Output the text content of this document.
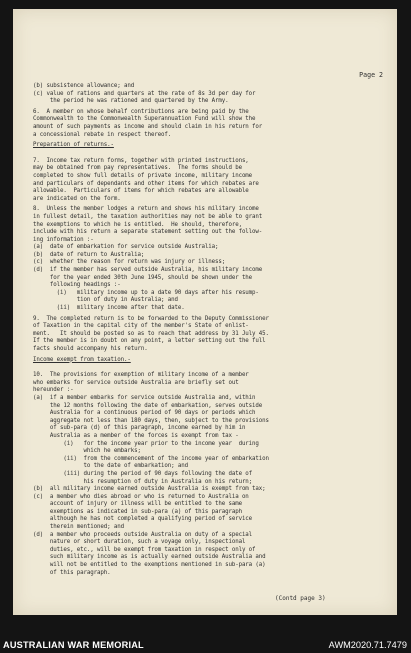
Page 2
(b) subsistence allowance; and
(c) value of rations and quarters at the rate of 8s 3d per day for
the period he was rationed and quartered by the Army.
6.  A member on whose behalf contributions are being paid by the
Commonwealth to the Commonwealth Superannuation Fund will show the
amount of such payments as income and should claim in his return for
a concessional rebate in respect thereof.
Preparation of returns.-
7.  Income tax return forms, together with printed instructions,
may be obtained from pay representatives.  The forms should be
completed to show full details of private income, military income
and particulars of dependants and other items for which rebates are
allowable.  Particulars of items for which rebates are allowable
are indicated on the form.
8.  Unless the member lodges a return and shows his military income
in fullest detail, the taxation authorities may not be able to grant
the exemptions to which he is entitled.  He should, therefore,
include with his return a separate statement setting out the follow-
ing information :-
(a)  date of embarkation for service outside Australia;
(b)  date of return to Australia;
(c)  whether the reason for return was injury or illness;
(d)  if the member has served outside Australia, his military income
for the year ended 30th June 1945, should be shown under the
following headings :-
(i)   military income up to a date 90 days after his resump-
tion of duty in Australia; and
(ii)  military income after that date.
9.  The completed return is to be forwarded to the Deputy Commissioner
of Taxation in the capital city of the member's State of enlist-
ment.   It should be posted so as to reach that address by 31 July 45.
If the member is in doubt on any point, a letter setting out the full
facts should accompany his return.
Income exempt from taxation.-
10.  The provisions for exemption of military income of a member
who embarks for service outside Australia are briefly set out
hereunder :-
(a)  if a member embarks for service outside Australia and, within
the 12 months following the date of embarkation, serves outside
Australia for a continuous period of 90 days or periods which
aggregate not less than 180 days, then, subject to the provisions
of sub-para (d) of this paragraph, income earned by him in
Australia as a member of the forces is exempt from tax -
(i)   for the income year prior to the income year  during
which he embarks;
(ii)  from the commencement of the income year of embarkation
to the date of embarkation; and
(iii) during the period of 90 days following the date of
his resumption of duty in Australia on his return;
(b)  all military income earned outside Australia is exempt from tax;
(c)  a member who dies abroad or who is returned to Australia on
account of injury or illness will be entitled to the same
exemptions as indicated in sub-para (a) of this paragraph
although he has not completed a qualifying period of service
therein mentioned; and
(d)  a member who proceeds outside Australia on duty of a special
nature or short duration, such a voyage only, inspectional
duties, etc., will be exempt from taxation in respect only of
such military income as is actually earned outside Australia and
will not be entitled to the exemptions mentioned in sub-para (a)
of this paragraph.
(Contd page 3)
AUSTRALIAN WAR MEMORIAL	AWM2020.71.7479
